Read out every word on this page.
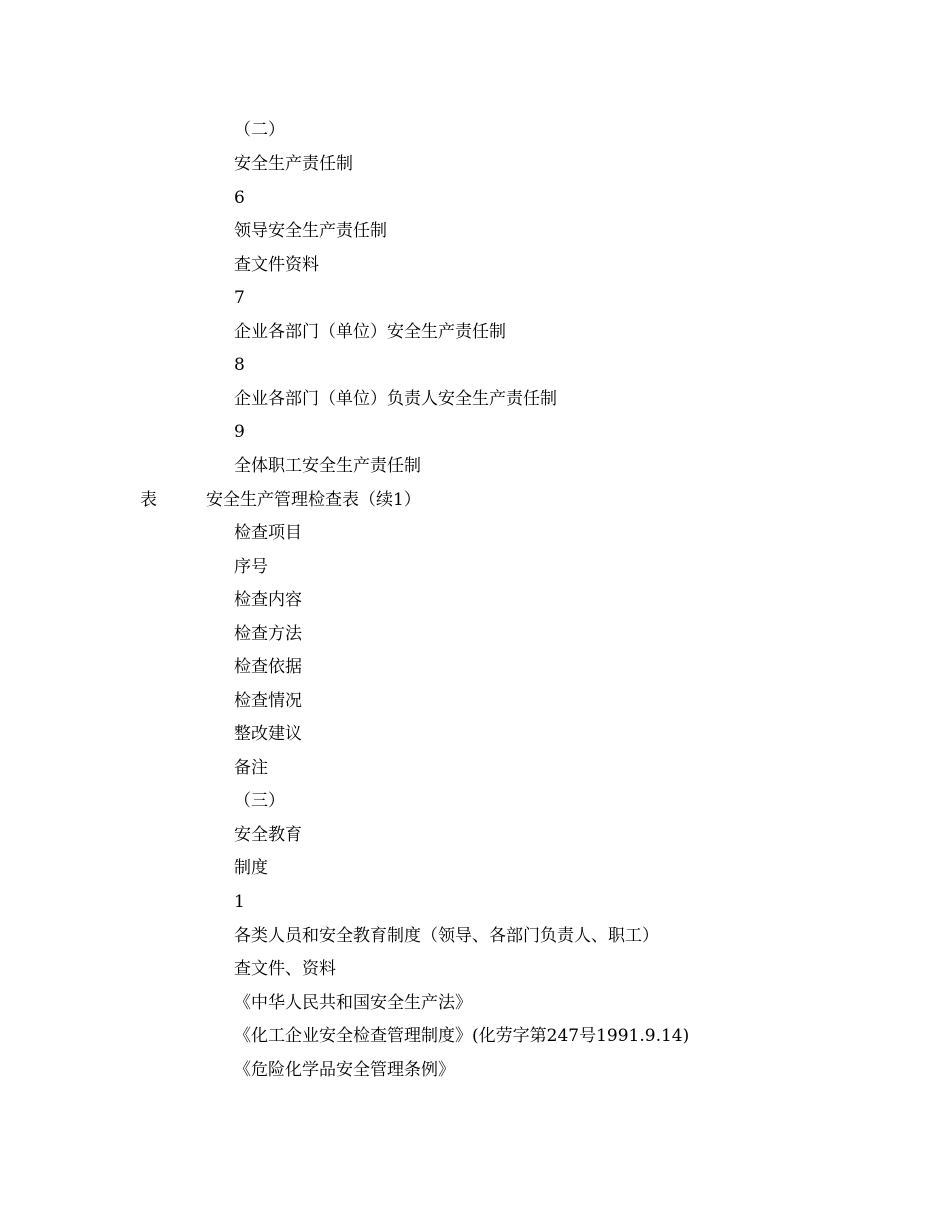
（二）
安全生产责任制
6
领导安全生产责任制
查文件资料
7
企业各部门（单位）安全生产责任制
8
企业各部门（单位）负责人安全生产责任制
9
全体职工安全生产责任制
表	安全生产管理检查表（续1）
检查项目
序号
检查内容
检查方法
检查依据
检查情况
整改建议
备注
（三）
安全教育
制度
1
各类人员和安全教育制度（领导、各部门负责人、职工）
查文件、资料
《中华人民共和国安全生产法》
《化工企业安全检查管理制度》(化劳字第247号1991.9.14)
《危险化学品安全管理条例》
